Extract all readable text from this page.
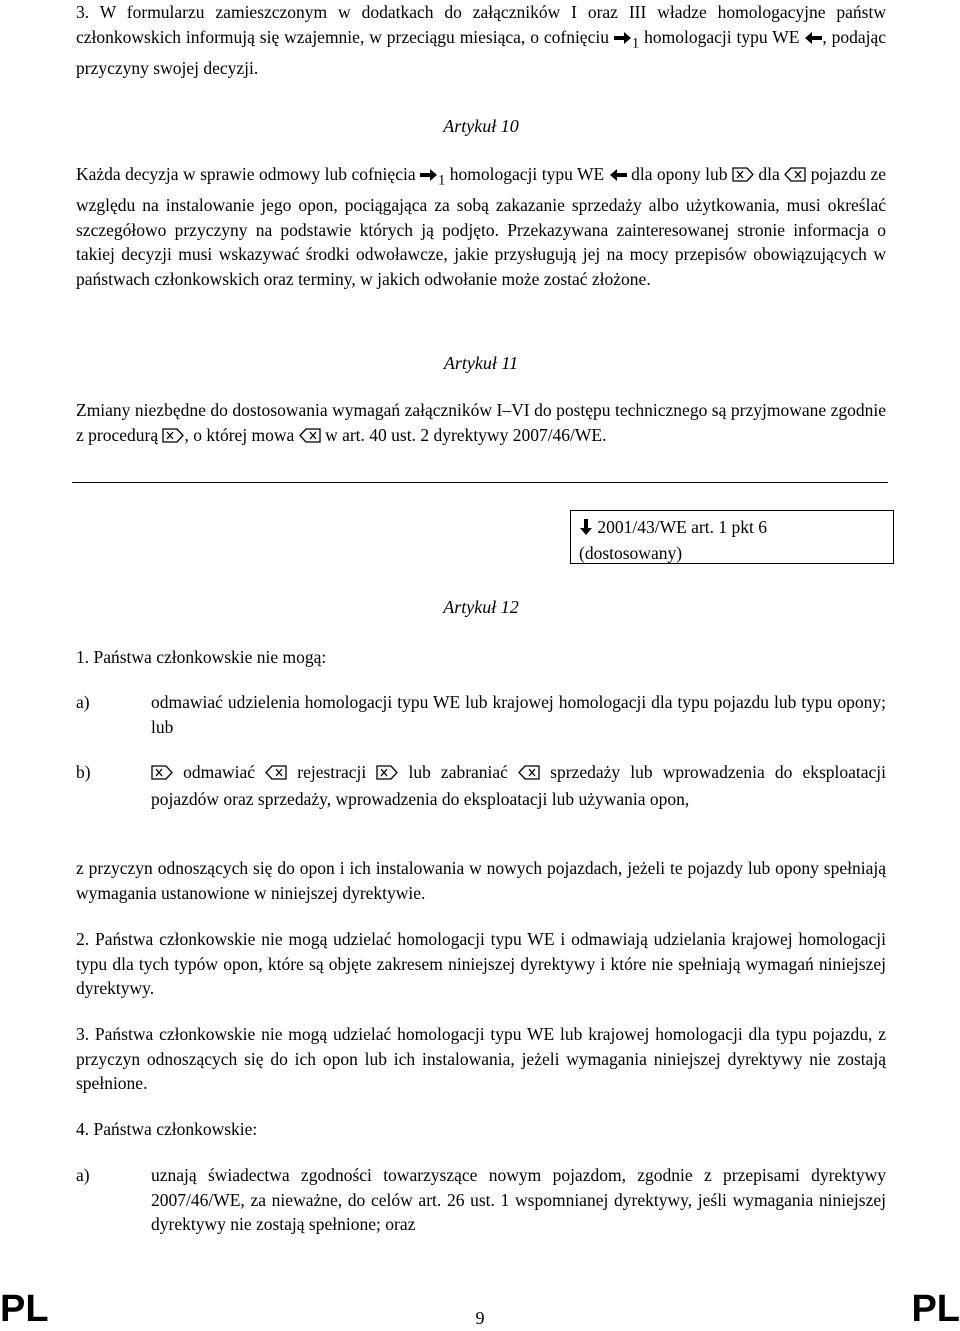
3. W formularzu zamieszczonym w dodatkach do załączników I oraz III władze homologacyjne państw członkowskich informują się wzajemnie, w przeciągu miesiąca, o cofnięciu $_1$ homologacji typu WE , podając przyczyny swojej decyzji.

Artykuł 10

Każda decyzja w sprawie odmowy lub cofnięcia $_1$ homologacji typu WE dla opony lub dla pojazdu ze względu na instalowanie jego opon, pociągająca za sobą zakazanie sprzedaży albo użytkowania, musi określać szczegółowo przyczyny na podstawie których ją podjęto. Przekazywana zainteresowanej stronie informacja o takiej decyzji musi wskazywać środki odwoławcze, jakie przysługują jej na mocy przepisów obowiązujących w państwach członkowskich oraz terminy, w jakich odwołanie może zostać złożone.

Artykuł 11

Zmiany niezbędne do dostosowania wymagań załączników I–VI do postępu technicznego są przyjmowane zgodnie z procedurą , o której mowa w art. 40 ust. 2 dyrektywy 2007/46/WE.

Artykuł 12

1. Państwa członkowskie nie mogą:

a)	odmawiać udzielenia homologacji typu WE lub krajowej homologacji dla typu pojazdu lub typu opony; lub

b)	odmawiać rejestracji lub zabraniać sprzedaży lub wprowadzenia do eksploatacji pojazdów oraz sprzedaży, wprowadzenia do eksploatacji lub używania opon,

z przyczyn odnoszących się do opon i ich instalowania w nowych pojazdach, jeżeli te pojazdy lub opony spełniają wymagania ustanowione w niniejszej dyrektywie.

2. Państwa członkowskie nie mogą udzielać homologacji typu WE i odmawiają udzielania krajowej homologacji typu dla tych typów opon, które są objęte zakresem niniejszej dyrektywy i które nie spełniają wymagań niniejszej dyrektywy.

3. Państwa członkowskie nie mogą udzielać homologacji typu WE lub krajowej homologacji dla typu pojazdu, z przyczyn odnoszących się do ich opon lub ich instalowania, jeżeli wymagania niniejszej dyrektywy nie zostają spełnione.

4. Państwa członkowskie:

a)	uznają świadectwa zgodności towarzyszące nowym pojazdom, zgodnie z przepisami dyrektywy 2007/46/WE, za nieważne, do celów art. 26 ust. 1 wspomnianej dyrektywy, jeśli wymagania niniejszej dyrektywy nie zostają spełnione; oraz

2001/43/WE art. 1 pkt 6
(dostosowany)
PL	9	PL
